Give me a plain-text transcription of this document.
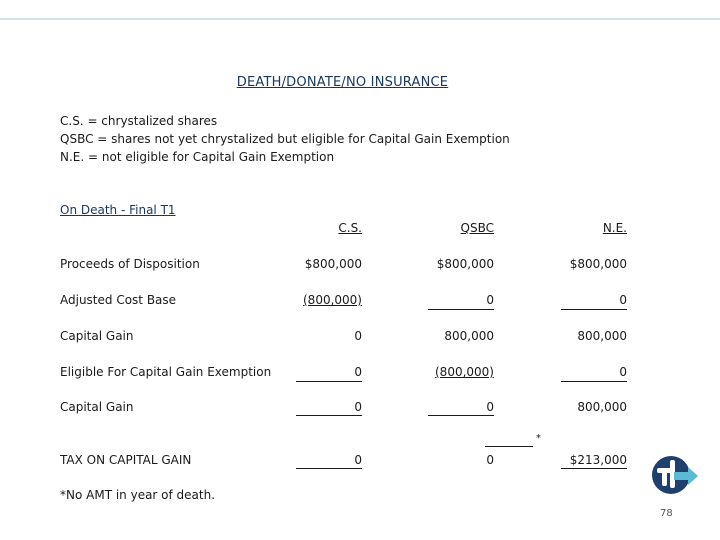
DEATH/DONATE/NO INSURANCE
C.S. = chrystalized shares
QSBC = shares not yet chrystalized but eligible for Capital Gain Exemption
N.E. = not eligible for Capital Gain Exemption
On Death - Final T1
C.S.	QSBC	N.E.
Proceeds of Disposition	$800,000	$800,000	$800,000
Adjusted Cost Base	(800,000)	0	0
Capital Gain	0	800,000	800,000
Eligible For Capital Gain Exemption	0	(800,000)	0
Capital Gain	0	0	800,000
*
TAX ON CAPITAL GAIN	0	0	$213,000
*No AMT in year of death.
78
